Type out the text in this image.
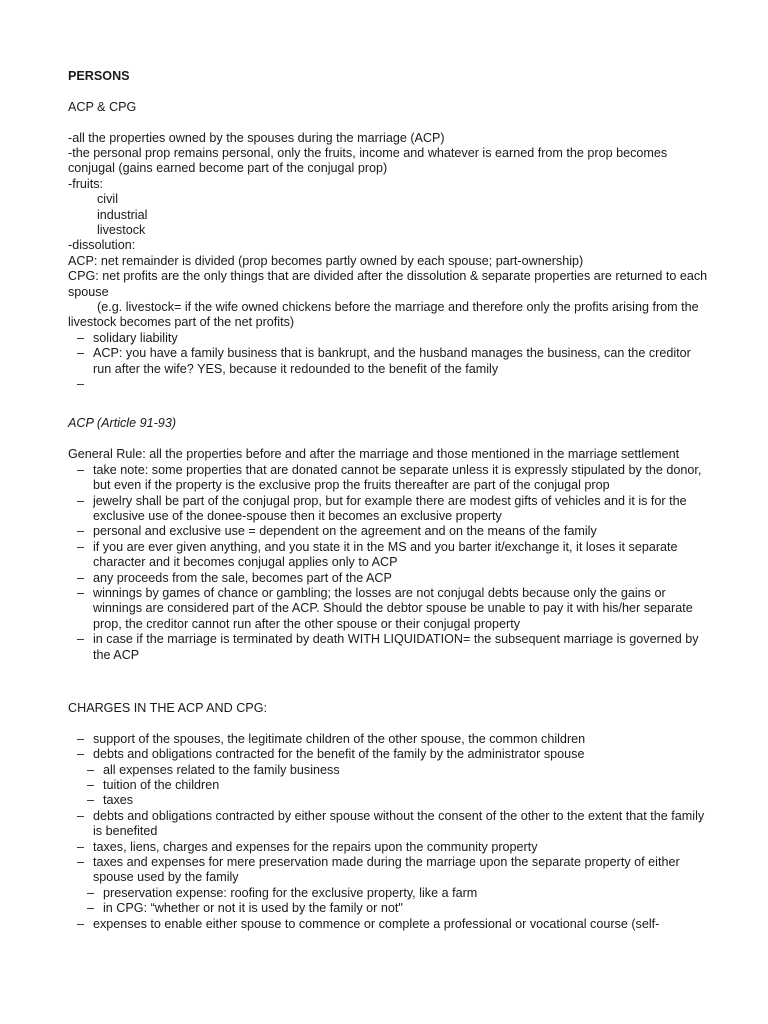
PERSONS
ACP & CPG
-all the properties owned by the spouses during the marriage (ACP)
-the personal prop remains personal, only the fruits, income and whatever is earned from the prop becomes conjugal (gains earned become part of the conjugal prop)
-fruits:
civil
industrial
livestock
-dissolution:
ACP: net remainder is divided (prop becomes partly owned by each spouse; part-ownership)
CPG: net profits are the only things that are divided after the dissolution & separate properties are returned to each spouse
(e.g. livestock= if the wife owned chickens before the marriage and therefore only the profits arising from the livestock becomes part of the net profits)
– solidary liability
– ACP: you have a family business that is bankrupt, and the husband manages the business, can the creditor run after the wife? YES, because it redounded to the benefit of the family
–
ACP (Article 91-93)
General Rule: all the properties before and after the marriage and those mentioned in the marriage settlement
– take note: some properties that are donated cannot be separate unless it is expressly stipulated by the donor, but even if the property is the exclusive prop the fruits thereafter are part of the conjugal prop
– jewelry shall be part of the conjugal prop, but for example there are modest gifts of vehicles and it is for the exclusive use of the donee-spouse then it becomes an exclusive property
– personal and exclusive use = dependent on the agreement and on the means of the family
– if you are ever given anything, and you state it in the MS and you barter it/exchange it, it loses it separate character and it becomes conjugal applies only to ACP
– any proceeds from the sale, becomes part of the ACP
– winnings by games of chance or gambling; the losses are not conjugal debts because only the gains or winnings are considered part of the ACP. Should the debtor spouse be unable to pay it with his/her separate prop, the creditor cannot run after the other spouse or their conjugal property
– in case if the marriage is terminated by death WITH LIQUIDATION= the subsequent marriage is governed by the ACP
CHARGES IN THE ACP AND CPG:
– support of the spouses, the legitimate children of the other spouse, the common children
– debts and obligations contracted for the benefit of the family by the administrator spouse
– all expenses related to the family business
– tuition of the children
– taxes
– debts and obligations contracted by either spouse without the consent of the other to the extent that the family is benefited
– taxes, liens, charges and expenses for the repairs upon the community property
– taxes and expenses for mere preservation made during the marriage upon the separate property of either spouse used by the family
– preservation expense: roofing for the exclusive property, like a farm
– in CPG: “whether or not it is used by the family or not"
– expenses to enable either spouse to commence or complete a professional or vocational course (self-
